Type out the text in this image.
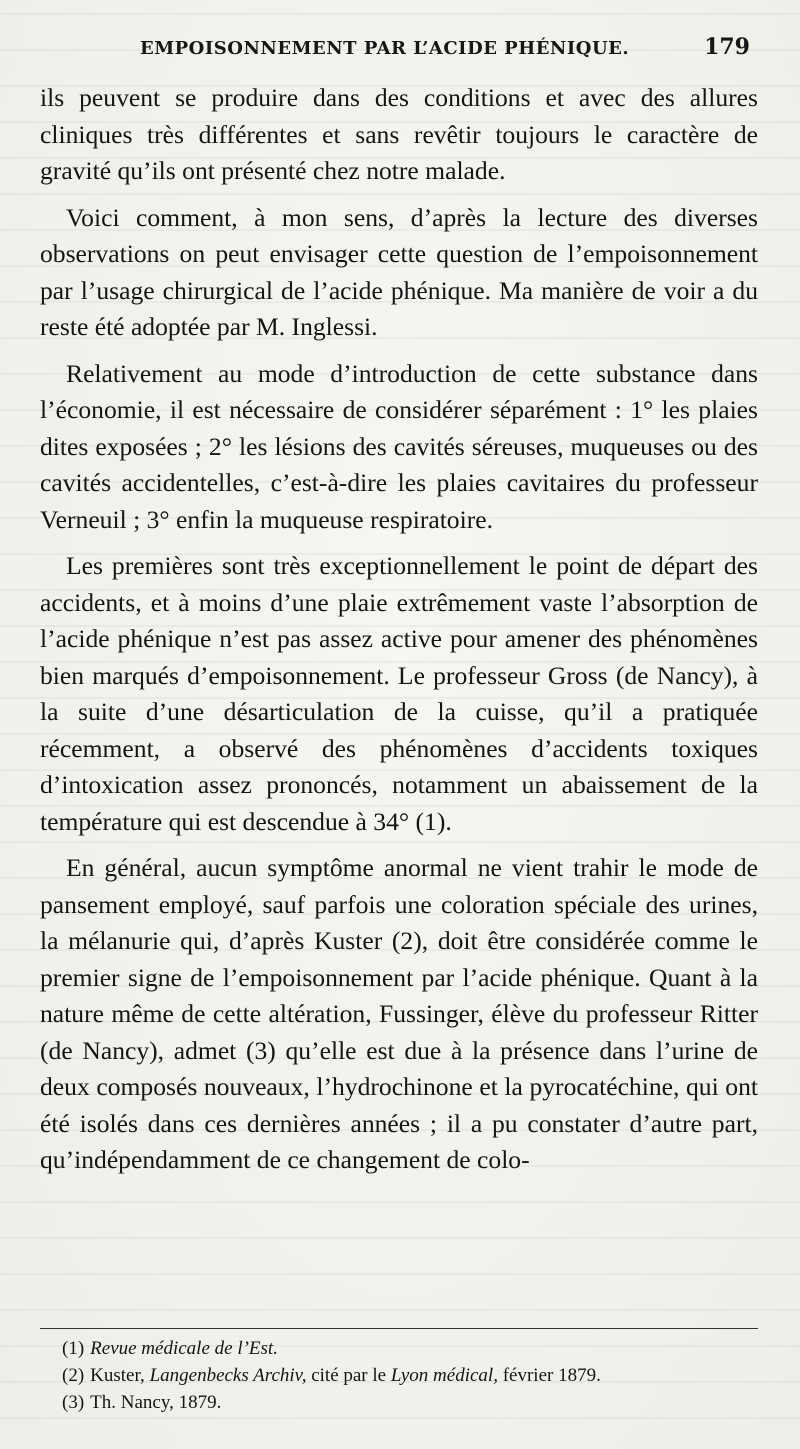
EMPOISONNEMENT PAR L’ACIDE PHÉNIQUE.	179

ils peuvent se produire dans des conditions et avec des allures cliniques très différentes et sans revêtir toujours le caractère de gravité qu’ils ont présenté chez notre malade.

Voici comment, à mon sens, d’après la lecture des diverses observations on peut envisager cette question de l’empoisonnement par l’usage chirurgical de l’acide phénique. Ma manière de voir a du reste été adoptée par M. Inglessi.

Relativement au mode d’introduction de cette substance dans l’économie, il est nécessaire de considérer séparément : 1° les plaies dites exposées ; 2° les lésions des cavités séreuses, muqueuses ou des cavités accidentelles, c’est-à-dire les plaies cavitaires du professeur Verneuil ; 3° enfin la muqueuse respiratoire.

Les premières sont très exceptionnellement le point de départ des accidents, et à moins d’une plaie extrêmement vaste l’absorption de l’acide phénique n’est pas assez active pour amener des phénomènes bien marqués d’empoisonnement. Le professeur Gross (de Nancy), à la suite d’une désarticulation de la cuisse, qu’il a pratiquée récemment, a observé des phénomènes d’accidents toxiques d’intoxication assez prononcés, notamment un abaissement de la température qui est descendue à 34° (1).

En général, aucun symptôme anormal ne vient trahir le mode de pansement employé, sauf parfois une coloration spéciale des urines, la mélanurie qui, d’après Kuster (2), doit être considérée comme le premier signe de l’empoisonnement par l’acide phénique. Quant à la nature même de cette altération, Fussinger, élève du professeur Ritter (de Nancy), admet (3) qu’elle est due à la présence dans l’urine de deux composés nouveaux, l’hydrochinone et la pyrocatéchine, qui ont été isolés dans ces dernières années ; il a pu constater d’autre part, qu’indépendamment de ce changement de colo-

(1) Revue médicale de l’Est.

(2) Kuster, Langenbecks Archiv, cité par le Lyon médical, février 1879.

(3) Th. Nancy, 1879.
